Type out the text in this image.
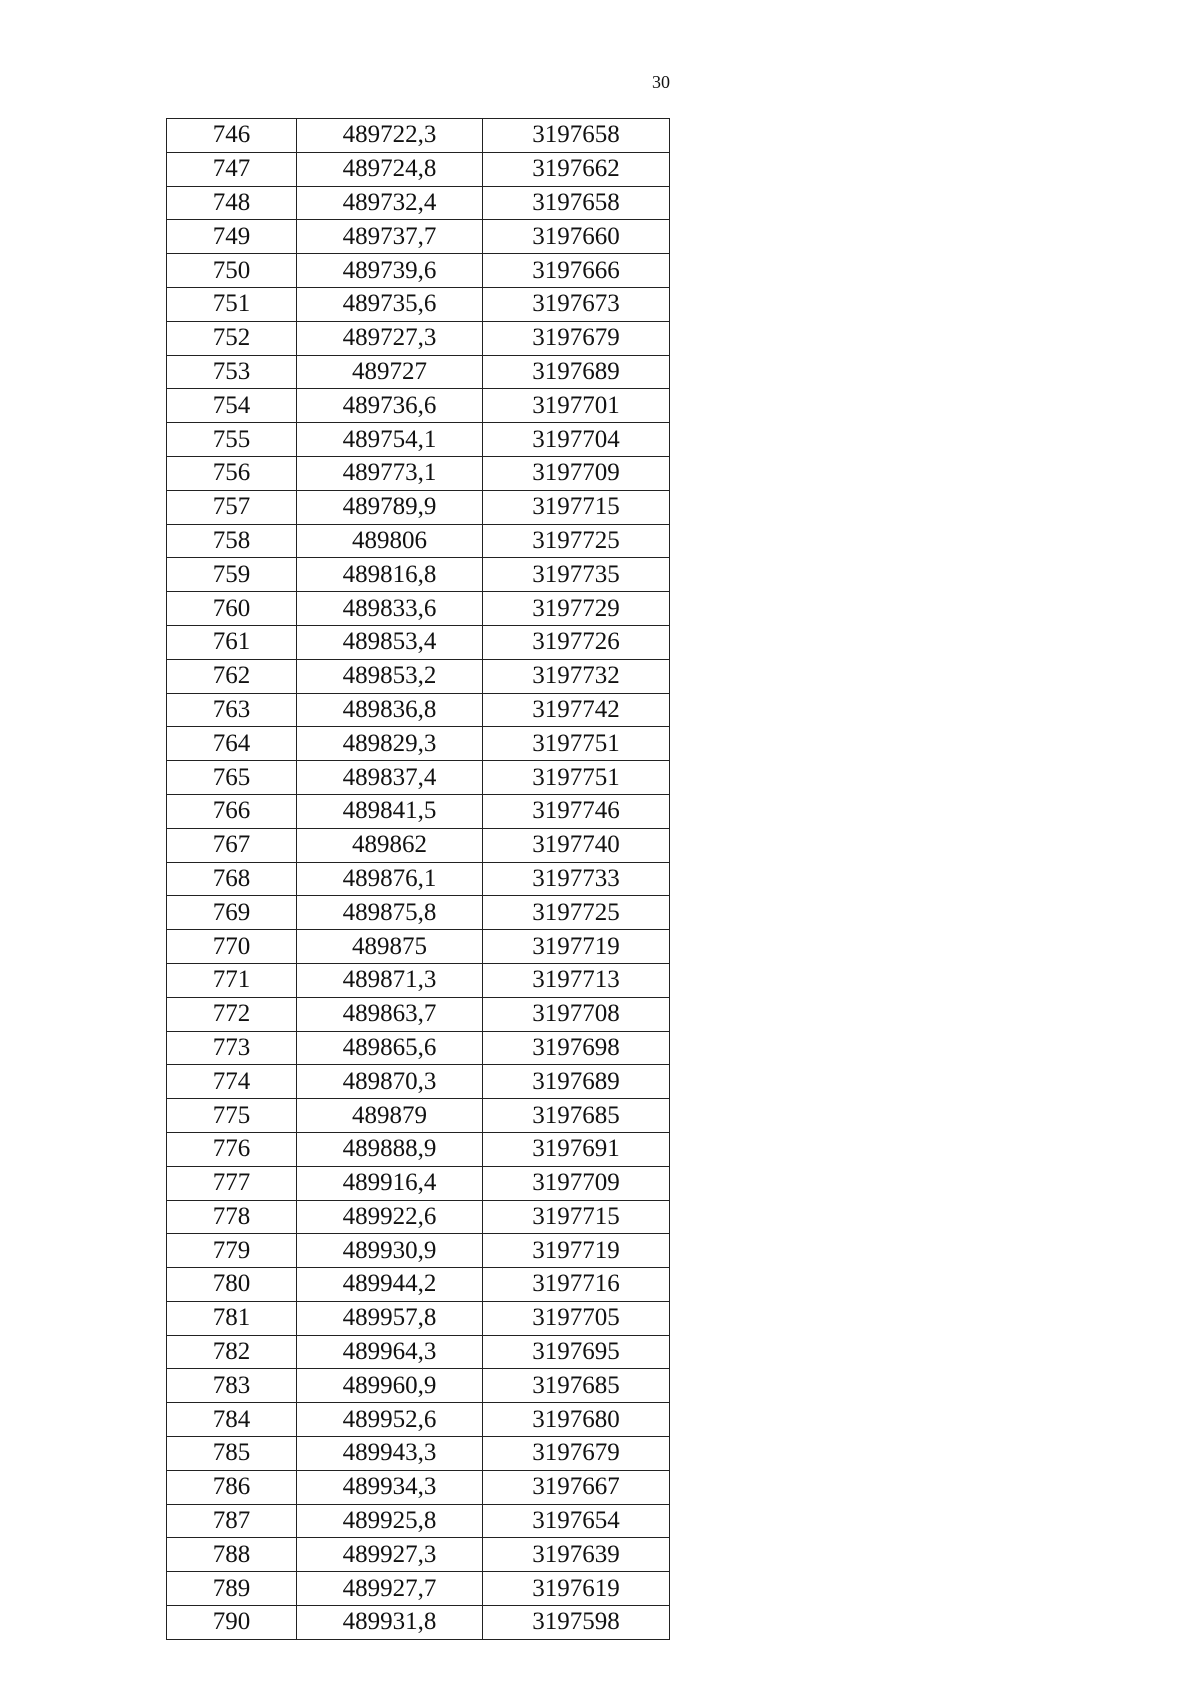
30
746	489722,3	3197658
747	489724,8	3197662
748	489732,4	3197658
749	489737,7	3197660
750	489739,6	3197666
751	489735,6	3197673
752	489727,3	3197679
753	489727	3197689
754	489736,6	3197701
755	489754,1	3197704
756	489773,1	3197709
757	489789,9	3197715
758	489806	3197725
759	489816,8	3197735
760	489833,6	3197729
761	489853,4	3197726
762	489853,2	3197732
763	489836,8	3197742
764	489829,3	3197751
765	489837,4	3197751
766	489841,5	3197746
767	489862	3197740
768	489876,1	3197733
769	489875,8	3197725
770	489875	3197719
771	489871,3	3197713
772	489863,7	3197708
773	489865,6	3197698
774	489870,3	3197689
775	489879	3197685
776	489888,9	3197691
777	489916,4	3197709
778	489922,6	3197715
779	489930,9	3197719
780	489944,2	3197716
781	489957,8	3197705
782	489964,3	3197695
783	489960,9	3197685
784	489952,6	3197680
785	489943,3	3197679
786	489934,3	3197667
787	489925,8	3197654
788	489927,3	3197639
789	489927,7	3197619
790	489931,8	3197598
